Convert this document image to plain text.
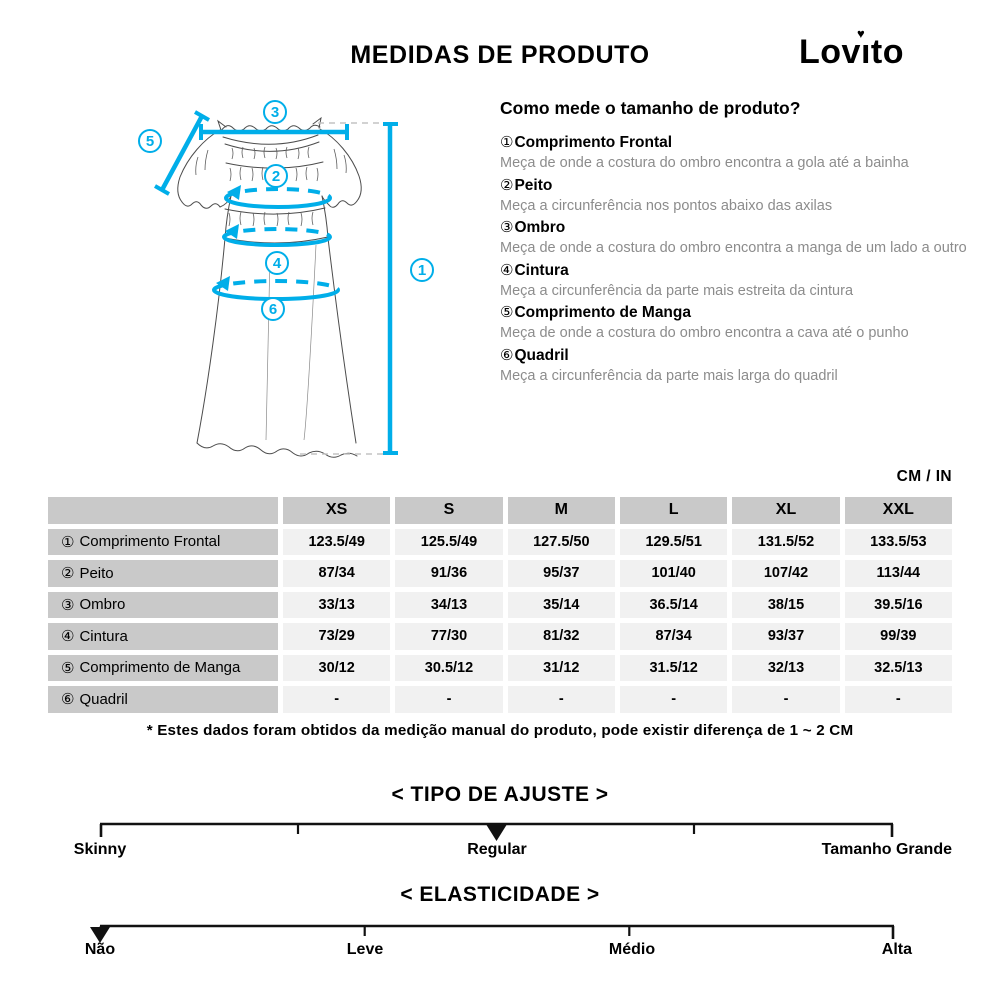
MEDIDAS DE PRODUTO	Lovıto
♥
1
2
3
4
5
6
Como mede o tamanho de produto?
①Comprimento Frontal
Meça de onde a costura do ombro encontra a gola até a bainha
②Peito
Meça a circunferência nos pontos abaixo das axilas
③Ombro
Meça de onde a costura do ombro encontra a manga de um lado a outro
④Cintura
Meça a circunferência da parte mais estreita da cintura
⑤Comprimento de Manga
Meça de onde a costura do ombro encontra a cava até o punho
⑥Quadril
Meça a circunferência da parte mais larga do quadril
CM / IN
XS	S	M	L	XL	XXL
① Comprimento Frontal	123.5/49	125.5/49	127.5/50	129.5/51	131.5/52	133.5/53
② Peito	87/34	91/36	95/37	101/40	107/42	113/44
③ Ombro	33/13	34/13	35/14	36.5/14	38/15	39.5/16
④ Cintura	73/29	77/30	81/32	87/34	93/37	99/39
⑤ Comprimento de Manga	30/12	30.5/12	31/12	31.5/12	32/13	32.5/13
⑥ Quadril	-	-	-	-	-	-
* Estes dados foram obtidos da medição manual do produto, pode existir diferença de 1 ~ 2 CM
< TIPO DE AJUSTE >
Skinny	Regular	Tamanho Grande
< ELASTICIDADE >
Não	Leve	Médio	Alta
